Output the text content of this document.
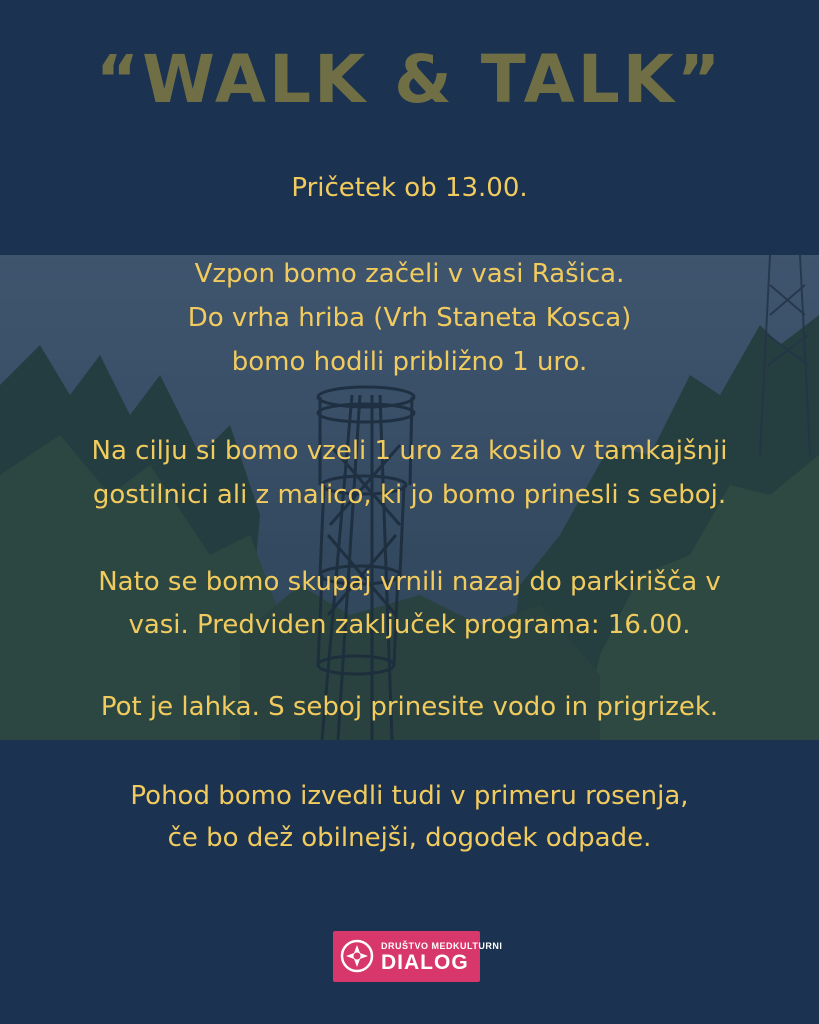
“WALK & TALK”
Pričetek ob 13.00.
Vzpon bomo začeli v vasi Rašica.
Do vrha hriba (Vrh Staneta Kosca)
bomo hodili približno 1 uro.
Na cilju si bomo vzeli 1 uro za kosilo v tamkajšnji
gostilnici ali z malico, ki jo bomo prinesli s seboj.
Nato se bomo skupaj vrnili nazaj do parkirišča v
vasi. Predviden zaključek programa: 16.00.
Pot je lahka. S seboj prinesite vodo in prigrizek.
Pohod bomo izvedli tudi v primeru rosenja,
če bo dež obilnejši, dogodek odpade.
DRUŠTVO MEDKULTURNI
DIALOG
